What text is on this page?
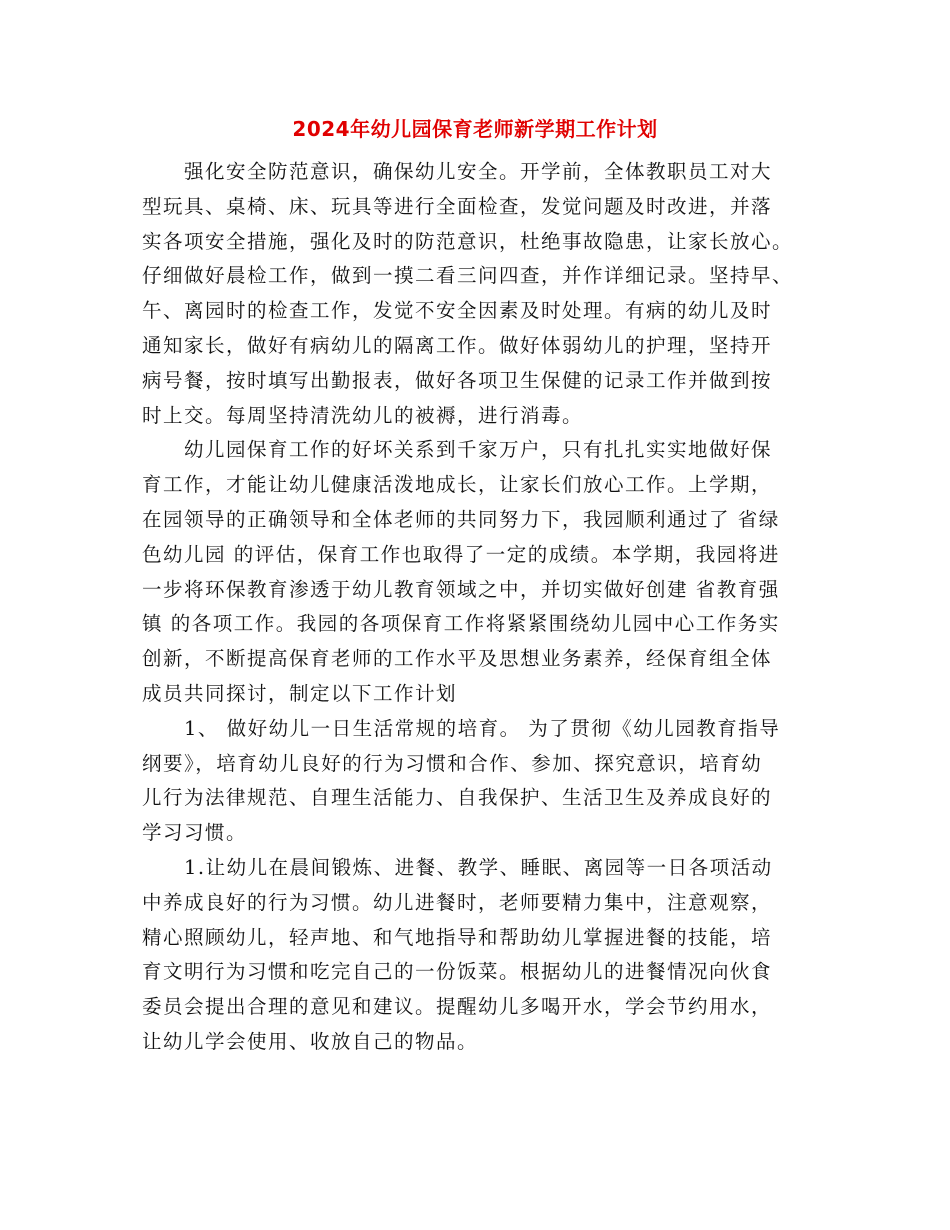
2024年幼儿园保育老师新学期工作计划
强化安全防范意识，确保幼儿安全。开学前，全体教职员工对大
型玩具、桌椅、床、玩具等进行全面检查，发觉问题及时改进，并落
实各项安全措施，强化及时的防范意识，杜绝事故隐患，让家长放心。
仔细做好晨检工作，做到一摸二看三问四查，并作详细记录。坚持早、
午、离园时的检查工作，发觉不安全因素及时处理。有病的幼儿及时
通知家长，做好有病幼儿的隔离工作。做好体弱幼儿的护理，坚持开
病号餐，按时填写出勤报表，做好各项卫生保健的记录工作并做到按
时上交。每周坚持清洗幼儿的被褥，进行消毒。
幼儿园保育工作的好坏关系到千家万户，只有扎扎实实地做好保
育工作，才能让幼儿健康活泼地成长，让家长们放心工作。上学期，
在园领导的正确领导和全体老师的共同努力下，我园顺利通过了 省绿
色幼儿园 的评估，保育工作也取得了一定的成绩。本学期，我园将进
一步将环保教育渗透于幼儿教育领域之中，并切实做好创建 省教育强
镇 的各项工作。我园的各项保育工作将紧紧围绕幼儿园中心工作务实
创新，不断提高保育老师的工作水平及思想业务素养，经保育组全体
成员共同探讨，制定以下工作计划
1、 做好幼儿一日生活常规的培育。 为了贯彻《幼儿园教育指导
纲要》，培育幼儿良好的行为习惯和合作、参加、探究意识，培育幼
儿行为法律规范、自理生活能力、自我保护、生活卫生及养成良好的
学习习惯。
1.让幼儿在晨间锻炼、进餐、教学、睡眠、离园等一日各项活动
中养成良好的行为习惯。幼儿进餐时，老师要精力集中，注意观察，
精心照顾幼儿，轻声地、和气地指导和帮助幼儿掌握进餐的技能，培
育文明行为习惯和吃完自己的一份饭菜。根据幼儿的进餐情况向伙食
委员会提出合理的意见和建议。提醒幼儿多喝开水，学会节约用水，
让幼儿学会使用、收放自己的物品。
